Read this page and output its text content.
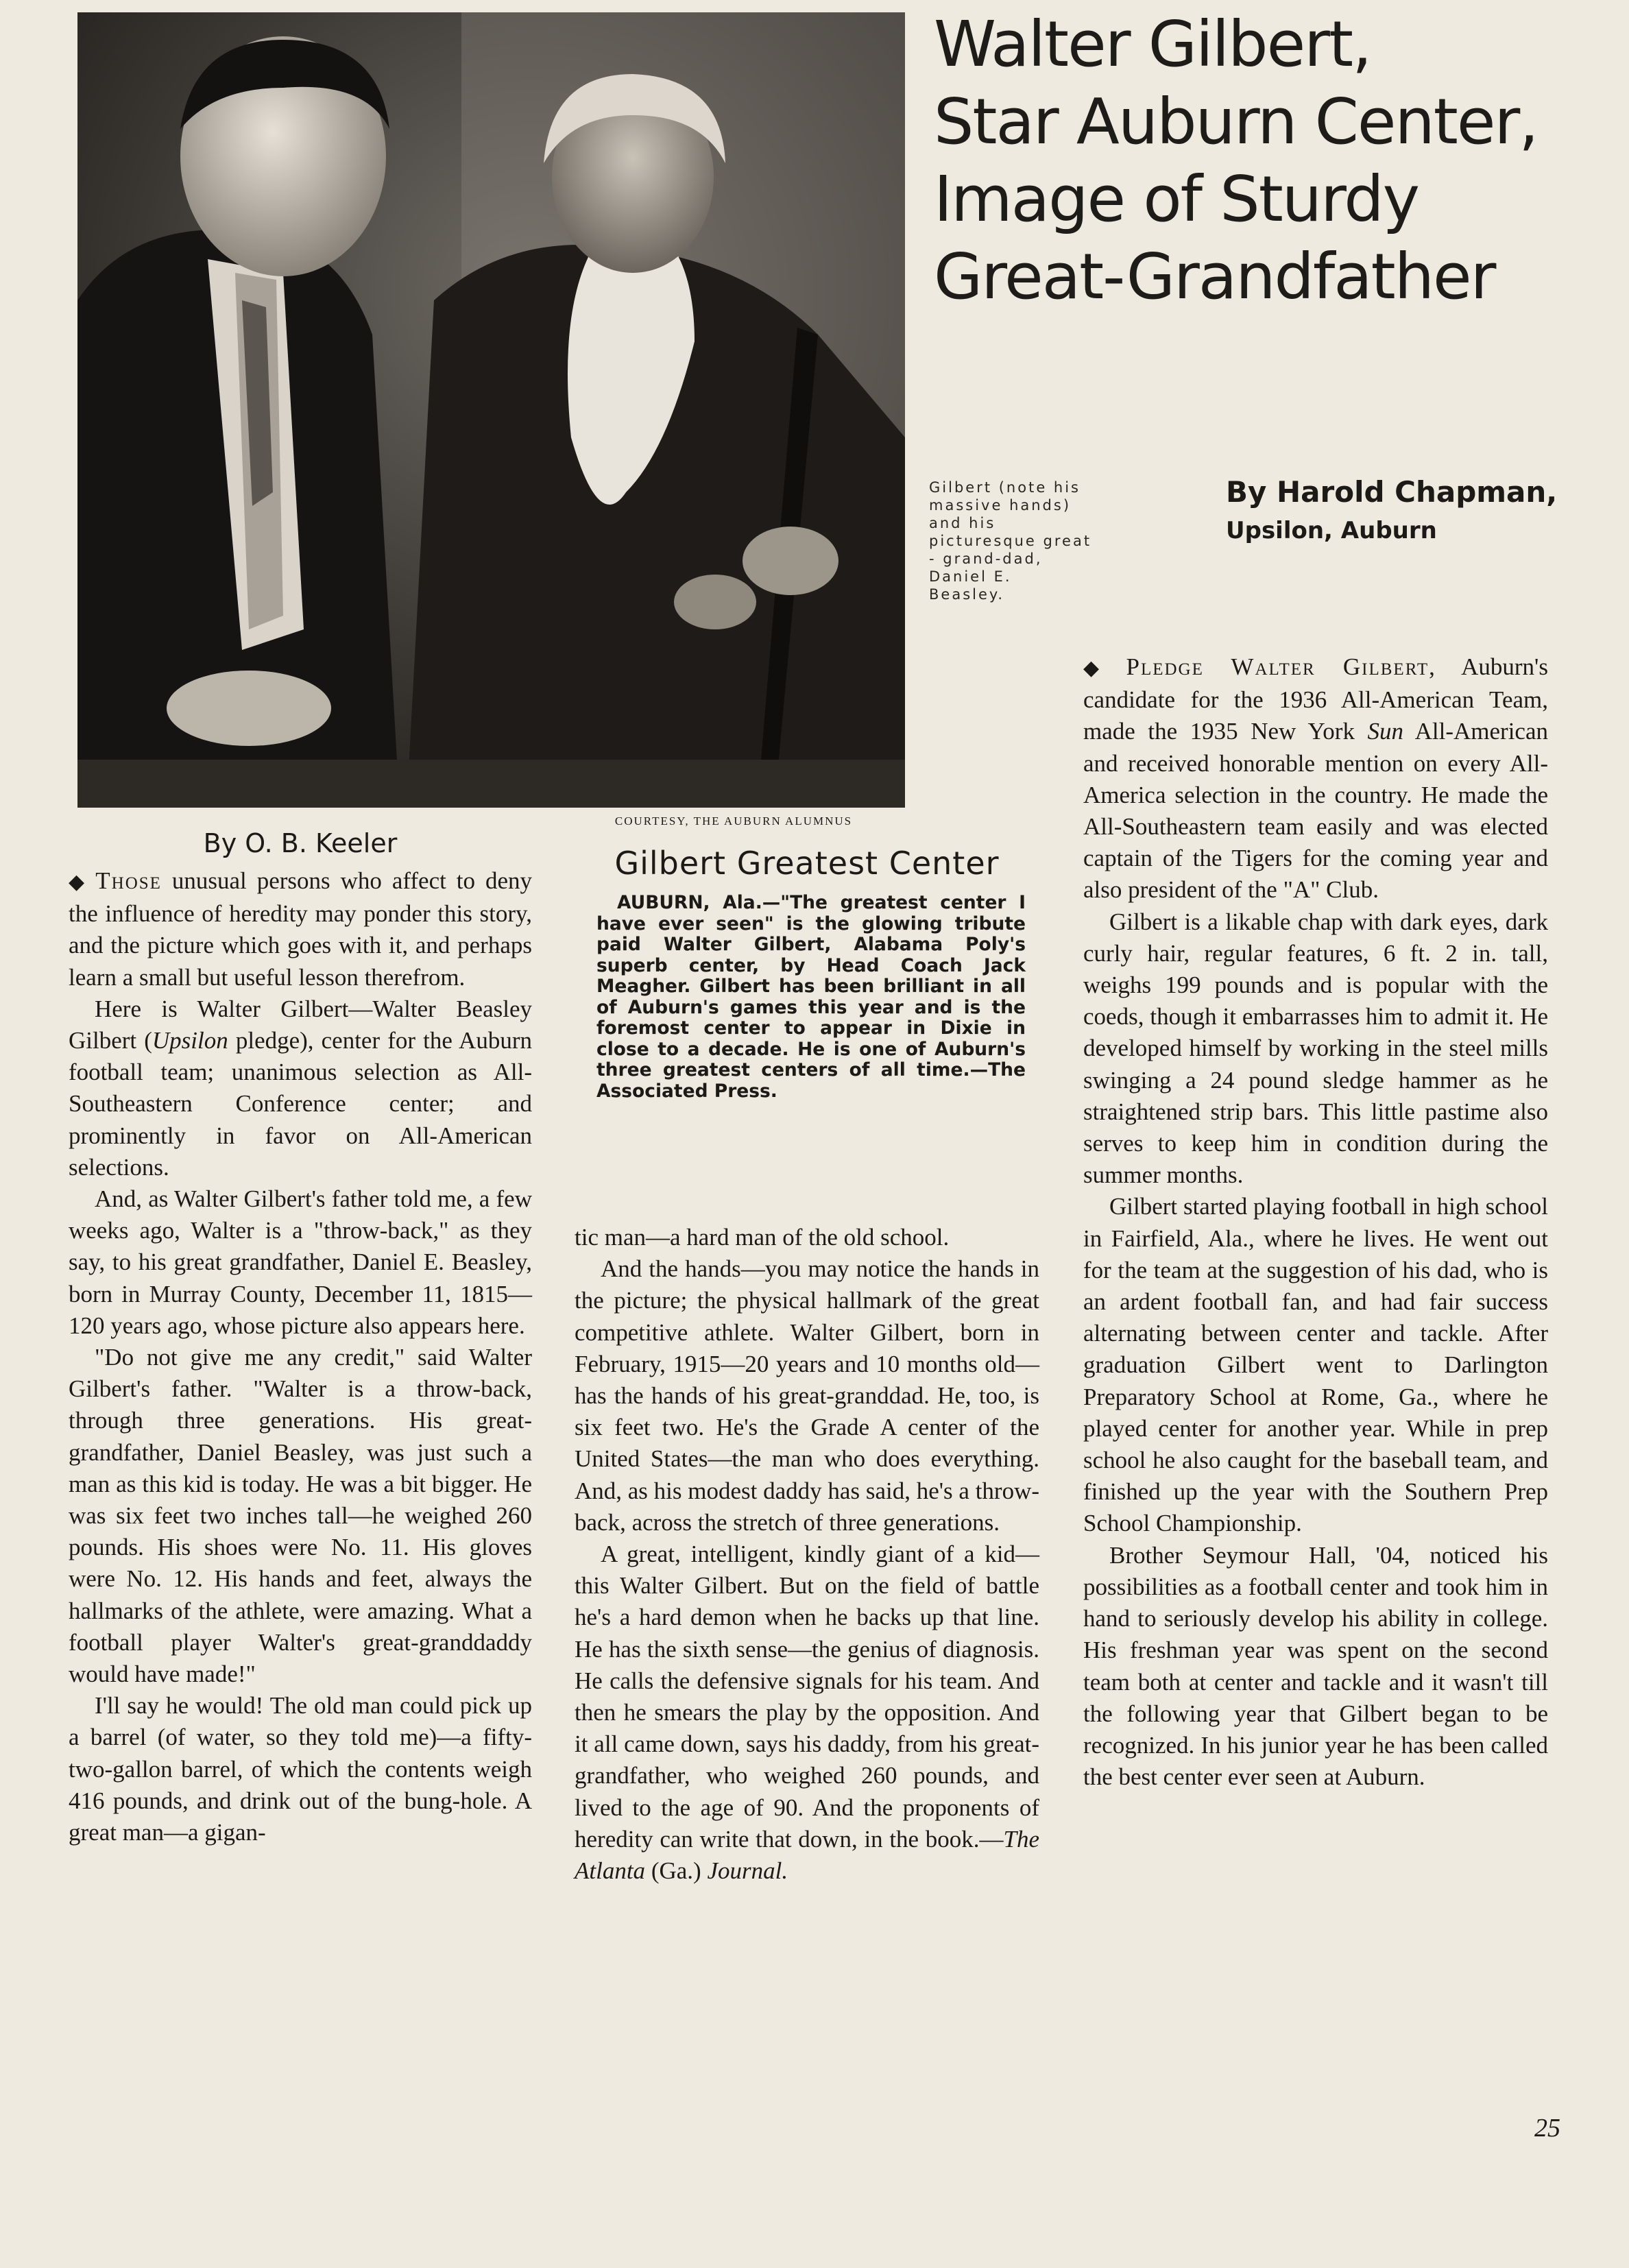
COURTESY, THE AUBURN ALUMNUS
Walter Gilbert,
Star Auburn Center,
Image of Sturdy
Great-Grandfather
Gilbert (note his massive hands) and his picturesque great - grand-dad, Daniel E. Beasley.
By Harold Chapman,
Upsilon, Auburn
By O. B. Keeler

◆ Those unusual persons who affect to deny the influence of heredity may ponder this story, and the picture which goes with it, and perhaps learn a small but useful lesson therefrom.

Here is Walter Gilbert—Walter Beasley Gilbert (Upsilon pledge), center for the Auburn football team; unanimous selection as All-Southeastern Conference center; and prominently in favor on All-American selections.

And, as Walter Gilbert's father told me, a few weeks ago, Walter is a "throw-back," as they say, to his great grandfather, Daniel E. Beasley, born in Murray County, December 11, 1815—120 years ago, whose picture also appears here.

"Do not give me any credit," said Walter Gilbert's father. "Walter is a throw-back, through three generations. His great-grandfather, Daniel Beasley, was just such a man as this kid is today. He was a bit bigger. He was six feet two inches tall—he weighed 260 pounds. His shoes were No. 11. His gloves were No. 12. His hands and feet, always the hallmarks of the athlete, were amazing. What a football player Walter's great-granddaddy would have made!"

I'll say he would! The old man could pick up a barrel (of water, so they told me)—a fifty-two-gallon barrel, of which the contents weigh 416 pounds, and drink out of the bung-hole. A great man—a gigan-

Gilbert Greatest Center

AUBURN, Ala.—"The greatest center I have ever seen" is the glowing tribute paid Walter Gilbert, Alabama Poly's superb center, by Head Coach Jack Meagher. Gilbert has been brilliant in all of Auburn's games this year and is the foremost center to appear in Dixie in close to a decade. He is one of Auburn's three greatest centers of all time.—The Associated Press.

tic man—a hard man of the old school.

And the hands—you may notice the hands in the picture; the physical hallmark of the great competitive athlete. Walter Gilbert, born in February, 1915—20 years and 10 months old—has the hands of his great-granddad. He, too, is six feet two. He's the Grade A center of the United States—the man who does everything. And, as his modest daddy has said, he's a throw-back, across the stretch of three generations.

A great, intelligent, kindly giant of a kid—this Walter Gilbert. But on the field of battle he's a hard demon when he backs up that line. He has the sixth sense—the genius of diagnosis. He calls the defensive signals for his team. And then he smears the play by the opposition. And it all came down, says his daddy, from his great-grandfather, who weighed 260 pounds, and lived to the age of 90. And the proponents of heredity can write that down, in the book.—The Atlanta (Ga.) Journal.

◆ Pledge Walter Gilbert, Auburn's candidate for the 1936 All-American Team, made the 1935 New York Sun All-American and received honorable mention on every All-America selection in the country. He made the All-Southeastern team easily and was elected captain of the Tigers for the coming year and also president of the "A" Club.

Gilbert is a likable chap with dark eyes, dark curly hair, regular features, 6 ft. 2 in. tall, weighs 199 pounds and is popular with the coeds, though it embarrasses him to admit it. He developed himself by working in the steel mills swinging a 24 pound sledge hammer as he straightened strip bars. This little pastime also serves to keep him in condition during the summer months.

Gilbert started playing football in high school in Fairfield, Ala., where he lives. He went out for the team at the suggestion of his dad, who is an ardent football fan, and had fair success alternating between center and tackle. After graduation Gilbert went to Darlington Preparatory School at Rome, Ga., where he played center for another year. While in prep school he also caught for the baseball team, and finished up the year with the Southern Prep School Championship.

Brother Seymour Hall, '04, noticed his possibilities as a football center and took him in hand to seriously develop his ability in college. His freshman year was spent on the second team both at center and tackle and it wasn't till the following year that Gilbert began to be recognized. In his junior year he has been called the best center ever seen at Auburn.

25
